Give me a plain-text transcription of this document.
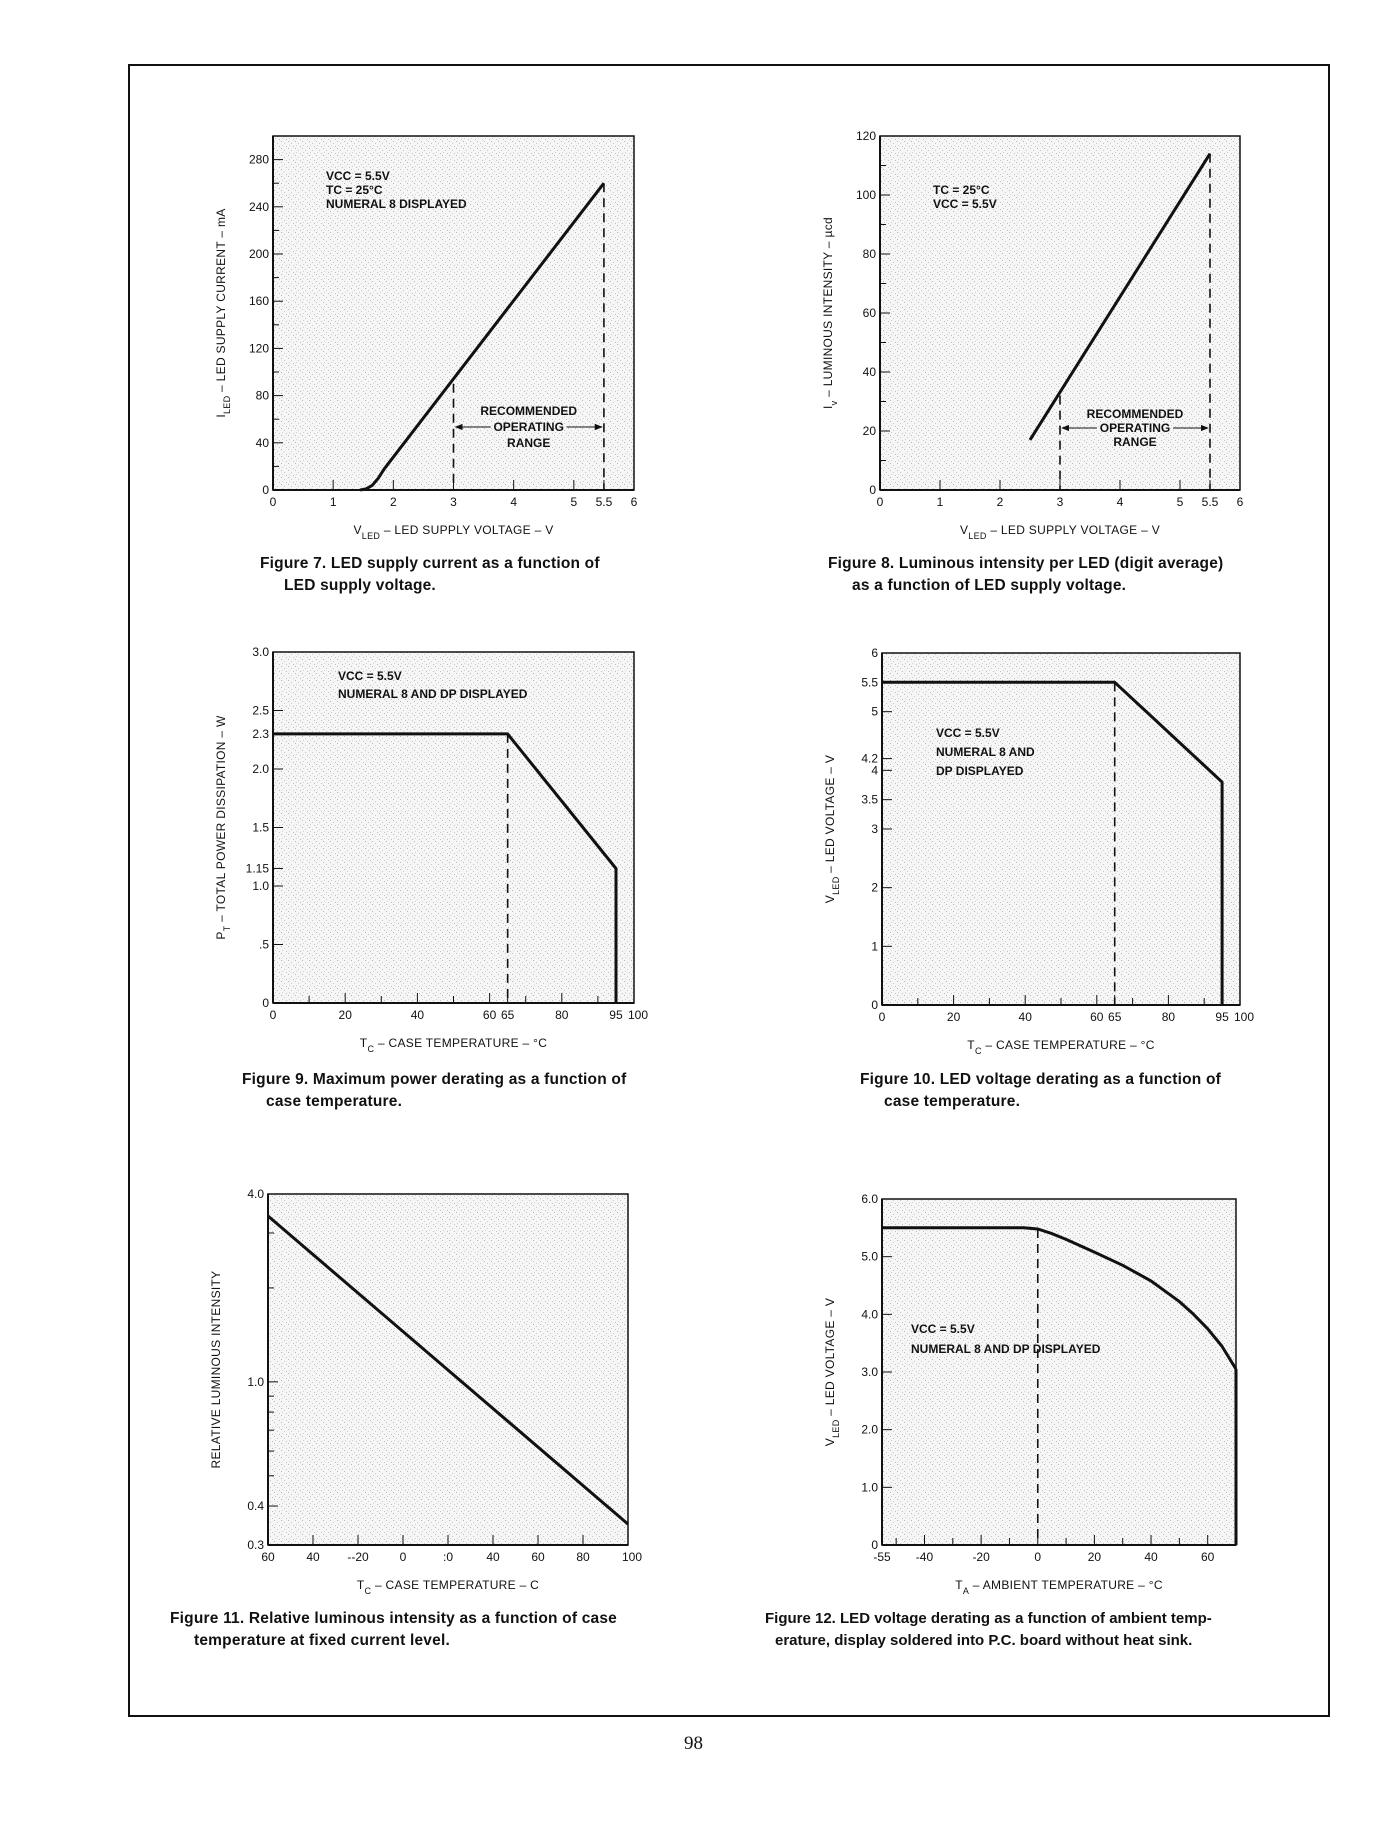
0	1	2	3	4	5 5.5 6
0
40
80
120
160
200
240
280
$V_{LED}$ – LED SUPPLY VOLTAGE – V
$I_{LED}$ – LED SUPPLY CURRENT – mA
VCC = 5.5V
TC = 25°C
NUMERAL 8 DISPLAYED
RECOMMENDED
OPERATING
RANGE
0	1	2	3	4	5 5.5 6
0
20
40
60
80
100
120
$V_{LED}$ – LED SUPPLY VOLTAGE – V
$I_v$ – LUMINOUS INTENSITY – µcd
TC = 25°C
VCC = 5.5V
RECOMMENDED
OPERATING
RANGE
0	20	40	60 65	80	95 100
0
.5
1.0
1.15
1.5
2.0
2.3
2.5
3.0
$T_C$ – CASE TEMPERATURE – °C
$P_T$ – TOTAL POWER DISSIPATION – W
VCC = 5.5V
NUMERAL 8 AND DP DISPLAYED
0	20	40	60 65	80	95 100
0
1
2
3
3.5
4
4.2
5
5.5
6
$T_C$ – CASE TEMPERATURE – °C
$V_{LED}$ – LED VOLTAGE – V
VCC = 5.5V
NUMERAL 8 AND
DP DISPLAYED
60	40 --20	0	:0	40	60	80	100
0.3
0.4
1.0
4.0
$T_C$ – CASE TEMPERATURE – C
RELATIVE LUMINOUS INTENSITY
-55 -40	-20	0	20	40	60
0
1.0
2.0
3.0
4.0
5.0
6.0
$T_A$ – AMBIENT TEMPERATURE – °C
$V_{LED}$ – LED VOLTAGE – V	VCC = 5.5V
NUMERAL 8 AND DP DISPLAYED
Figure 7. LED supply current as a function of
LED supply voltage.
Figure 8. Luminous intensity per LED (digit average)
as a function of LED supply voltage.
Figure 9. Maximum power derating as a function of
case temperature.
Figure 10. LED voltage derating as a function of
case temperature.
Figure 11. Relative luminous intensity as a function of case
temperature at fixed current level.
Figure 12. LED voltage derating as a function of ambient temp-
erature, display soldered into P.C. board without heat sink.
98
